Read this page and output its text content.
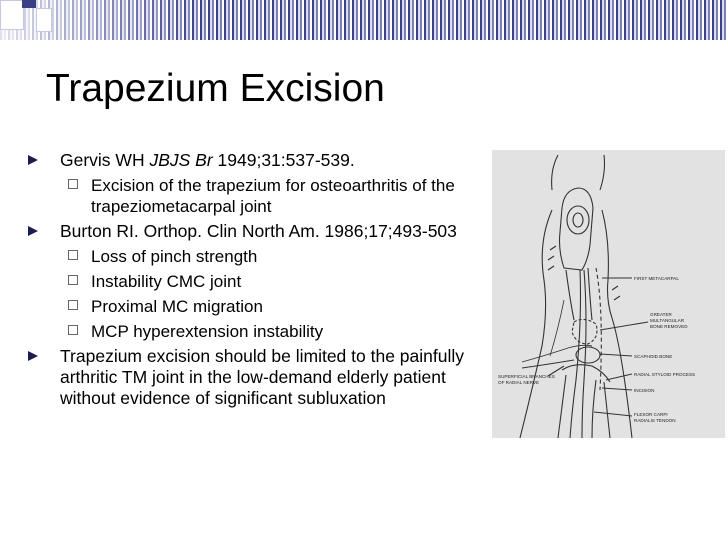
Trapezium Excision
Gervis WH JBJS Br 1949;31:537-539.
Excision of the trapezium for osteoarthritis of the trapeziometacarpal joint
Burton RI. Orthop. Clin North Am. 1986;17;493-503
Loss of pinch strength
Instability CMC joint
Proximal MC migration
MCP hyperextension instability
Trapezium excision should be limited to the painfully arthritic TM joint in the low-demand elderly patient without evidence of significant subluxation
FIRST METACARPAL
GREATER
MULTANGULAR
BONE REMOVED
SCAPHOID BONE
RADIAL STYLOID PROCESS
SUPERFICIAL BRANCHES
OF RADIAL NERVE
INCISION
FLEXOR CARPI
RADIALIS TENDON
